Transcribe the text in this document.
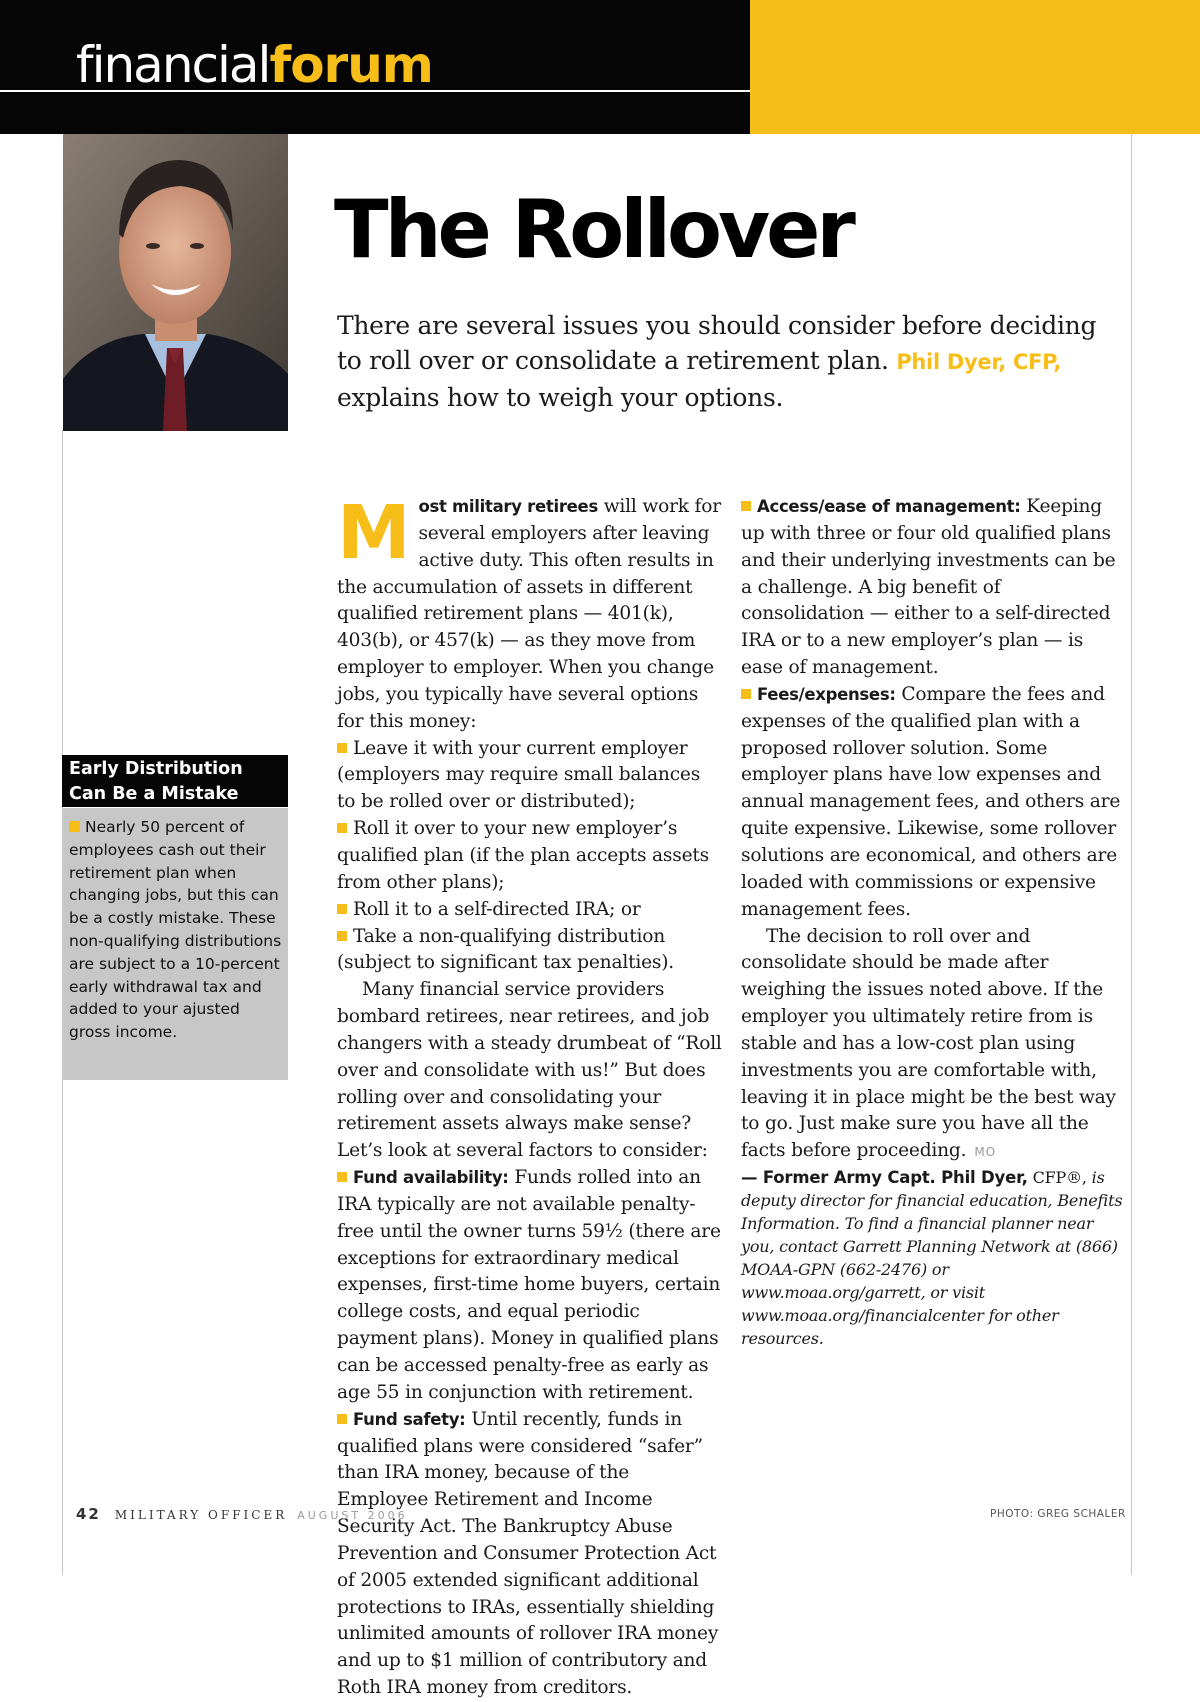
financialforum
The Rollover
There are several issues you should consider before deciding to roll over or consolidate a retirement plan. Phil Dyer, CFP, explains how to weigh your options.
Early Distribution
Can Be a Mistake
Nearly 50 percent of employees cash out their retirement plan when changing jobs, but this can be a costly mistake. These non-qualifying distributions are subject to a 10-percent early withdrawal tax and added to your ajusted gross income.

Most military retirees will work for several employers after leaving active duty. This often results in the accumulation of assets in different qualified retirement plans — 401(k), 403(b), or 457(k) — as they move from employer to employer. When you change jobs, you typically have several options for this money:

Leave it with your current employer (employers may require small balances to be rolled over or distributed);

Roll it over to your new employer’s qualified plan (if the plan accepts assets from other plans);

Roll it to a self-directed IRA; or

Take a non-qualifying distribution (subject to significant tax penalties).

Many financial service providers bombard retirees, near retirees, and job changers with a steady drumbeat of “Roll over and consolidate with us!” But does rolling over and consolidating your retirement assets always make sense? Let’s look at several factors to consider:

Fund availability: Funds rolled into an IRA typically are not available penalty-free until the owner turns 59½ (there are exceptions for extraordinary medical expenses, first-time home buyers, certain college costs, and equal periodic payment plans). Money in qualified plans can be accessed penalty-free as early as age 55 in conjunction with retirement.

Fund safety: Until recently, funds in qualified plans were considered “safer” than IRA money, because of the Employee Retirement and Income Security Act. The Bankruptcy Abuse Prevention and Consumer Protection Act of 2005 extended significant additional protections to IRAs, essentially shielding unlimited amounts of rollover IRA money and up to $1 million of contributory and Roth IRA money from creditors.

Access/ease of management: Keeping up with three or four old qualified plans and their underlying investments can be a challenge. A big benefit of consolidation — either to a self-directed IRA or to a new employer’s plan — is ease of management.

Fees/expenses: Compare the fees and expenses of the qualified plan with a proposed rollover solution. Some employer plans have low expenses and annual management fees, and others are quite expensive. Likewise, some rollover solutions are economical, and others are loaded with commissions or expensive management fees.

The decision to roll over and consolidate should be made after weighing the issues noted above. If the employer you ultimately retire from is stable and has a low-cost plan using investments you are comfortable with, leaving it in place might be the best way to go. Just make sure you have all the facts before proceeding. MO

— Former Army Capt. Phil Dyer, CFP®, is deputy director for financial education, Benefits Information. To find a financial planner near you, contact Garrett Planning Network at (866) MOAA-GPN (662-2476) or www.moaa.org/garrett, or visit www.moaa.org/financialcenter for other resources.

42 MILITARY OFFICER AUGUST 2006	PHOTO: GREG SCHALER
